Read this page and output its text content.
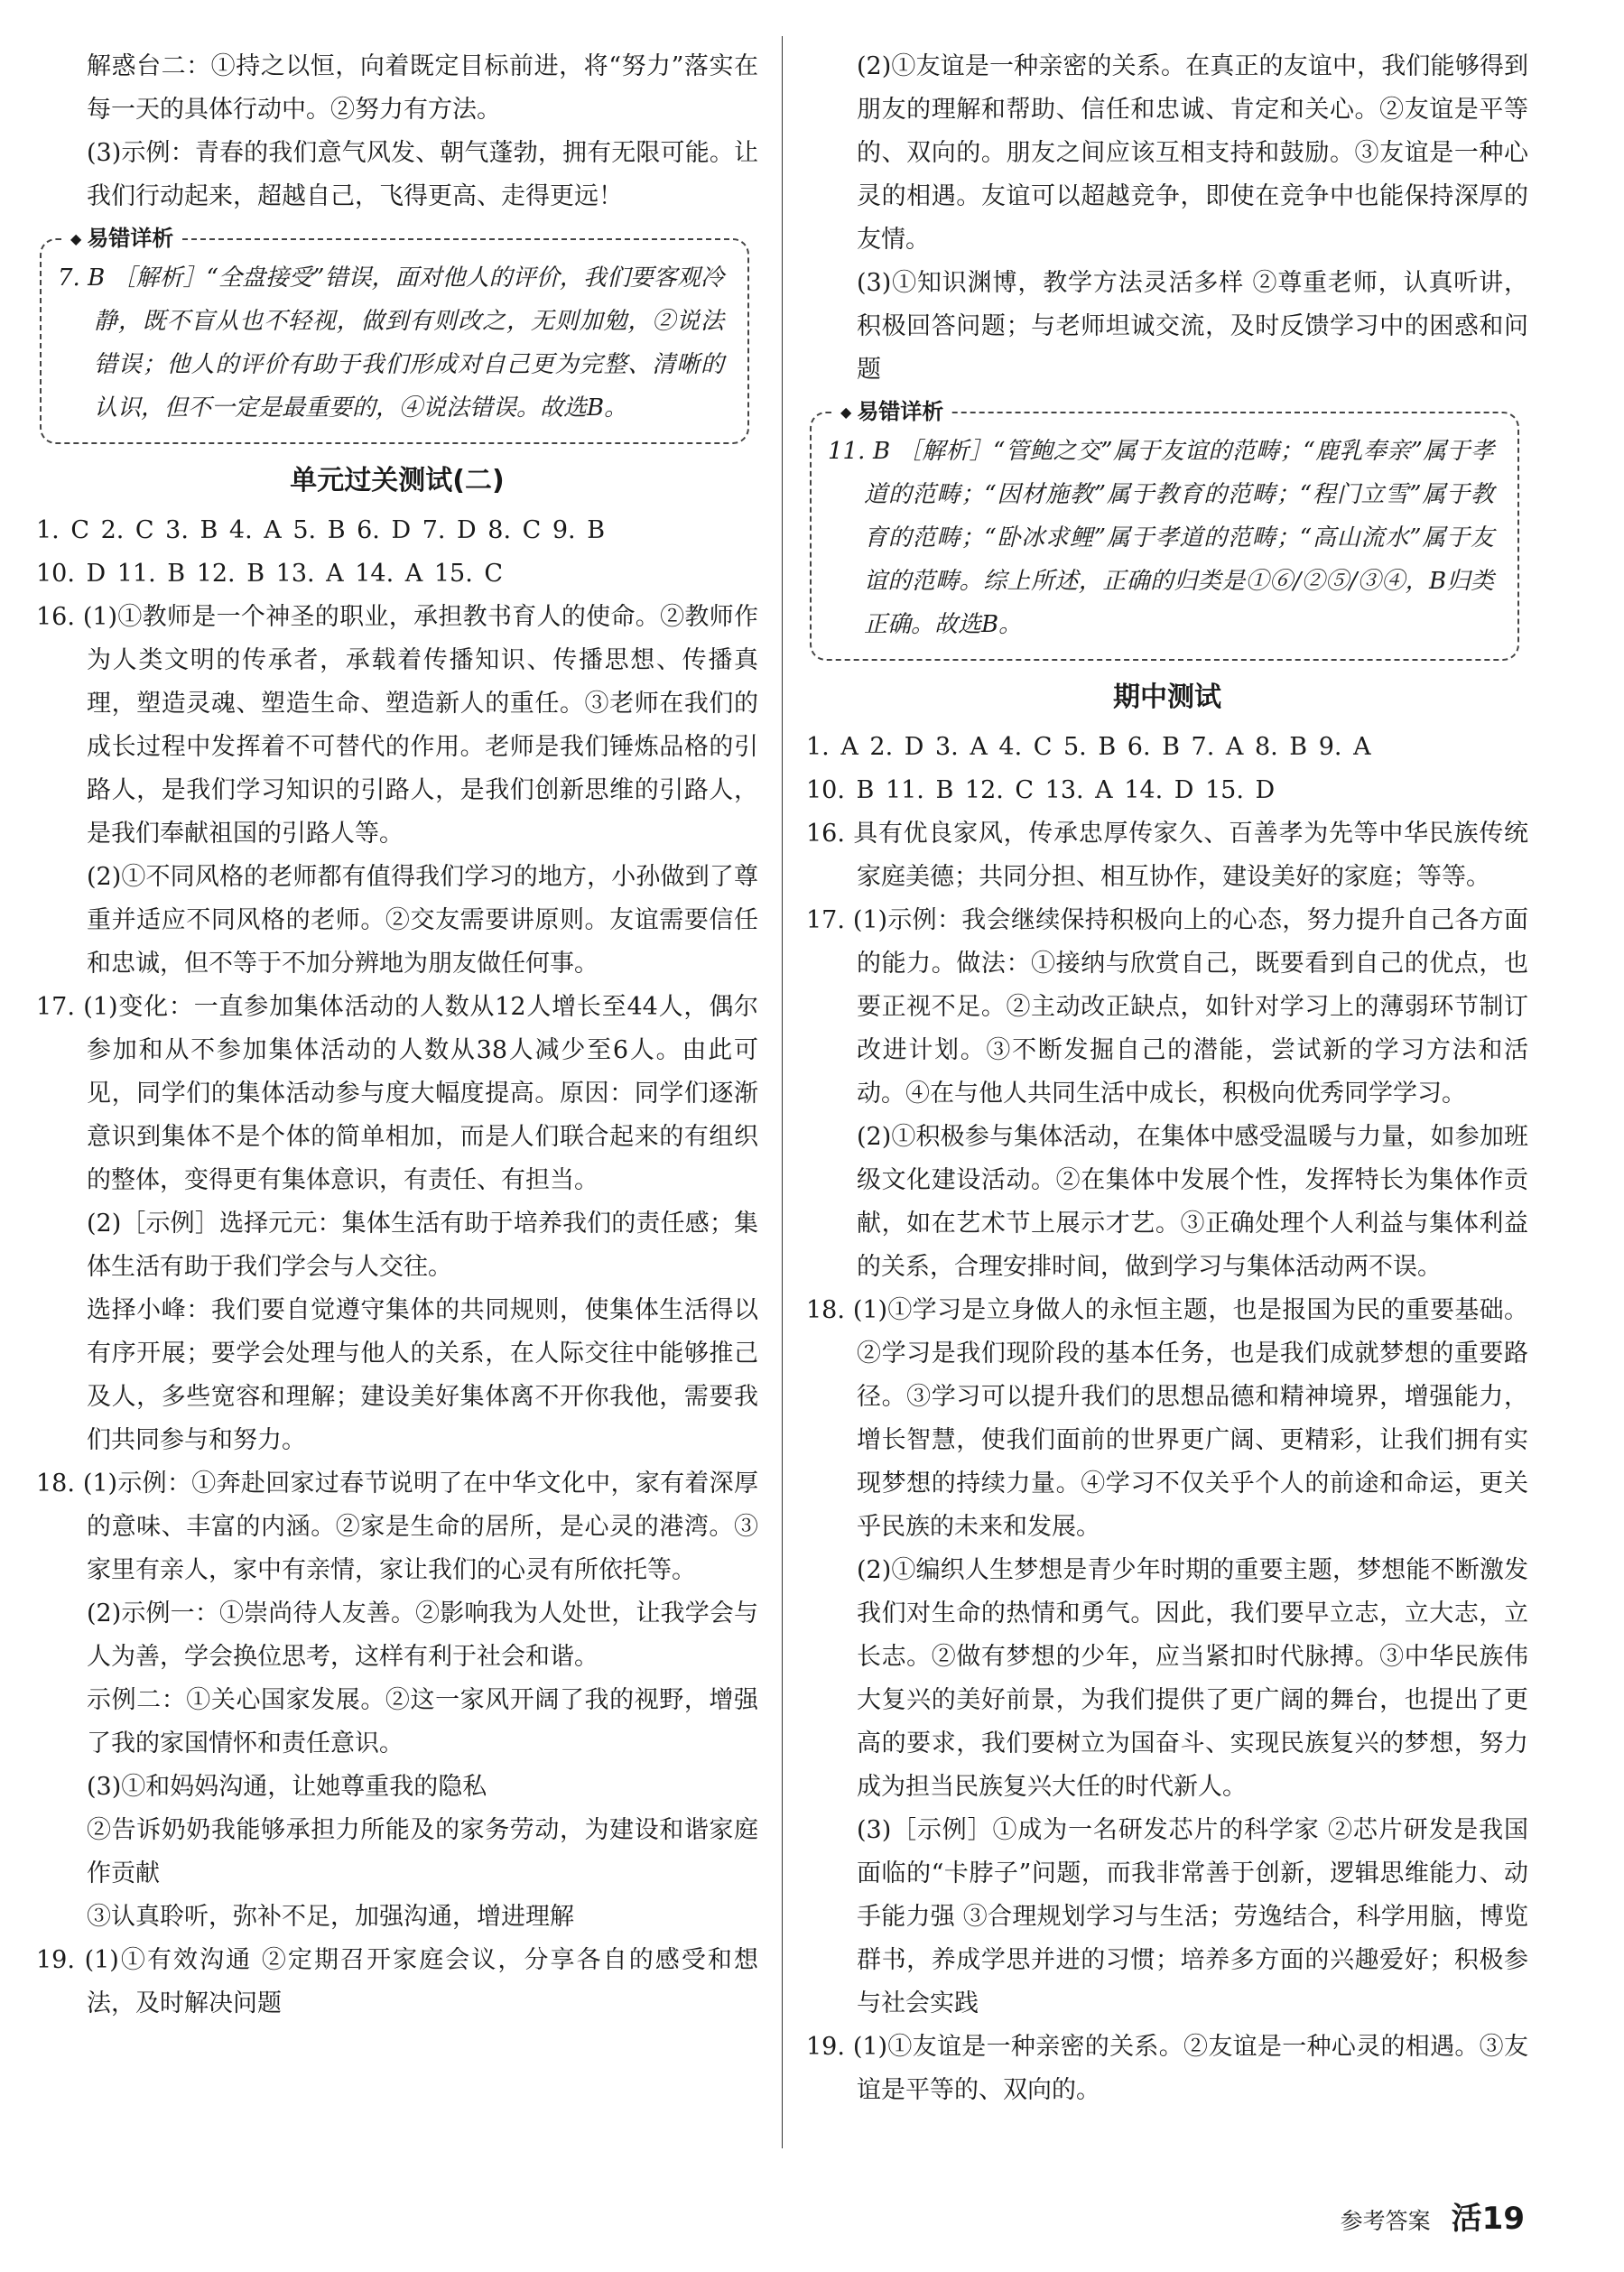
解惑台二：①持之以恒，向着既定目标前进，将“努力”落实在每一天的具体行动中。②努力有方法。

(3)示例：青春的我们意气风发、朝气蓬勃，拥有无限可能。让我们行动起来，超越自己，飞得更高、走得更远！

◆ 易错详析

7. B ［解析］“全盘接受”错误，面对他人的评价，我们要客观冷静，既不盲从也不轻视，做到有则改之，无则加勉，②说法错误；他人的评价有助于我们形成对自己更为完整、清晰的认识，但不一定是最重要的，④说法错误。故选B。

单元过关测试(二)

1. C 2. C 3. B 4. A 5. B 6. D 7. D 8. C 9. B

10. D 11. B 12. B 13. A 14. A 15. C

16. (1)①教师是一个神圣的职业，承担教书育人的使命。②教师作为人类文明的传承者，承载着传播知识、传播思想、传播真理，塑造灵魂、塑造生命、塑造新人的重任。③老师在我们的成长过程中发挥着不可替代的作用。老师是我们锤炼品格的引路人，是我们学习知识的引路人，是我们创新思维的引路人，是我们奉献祖国的引路人等。

(2)①不同风格的老师都有值得我们学习的地方，小孙做到了尊重并适应不同风格的老师。②交友需要讲原则。友谊需要信任和忠诚，但不等于不加分辨地为朋友做任何事。

17. (1)变化：一直参加集体活动的人数从12人增长至44人，偶尔参加和从不参加集体活动的人数从38人减少至6人。由此可见，同学们的集体活动参与度大幅度提高。原因：同学们逐渐意识到集体不是个体的简单相加，而是人们联合起来的有组织的整体，变得更有集体意识，有责任、有担当。

(2)［示例］选择元元：集体生活有助于培养我们的责任感；集体生活有助于我们学会与人交往。

选择小峰：我们要自觉遵守集体的共同规则，使集体生活得以有序开展；要学会处理与他人的关系，在人际交往中能够推己及人，多些宽容和理解；建设美好集体离不开你我他，需要我们共同参与和努力。

18. (1)示例：①奔赴回家过春节说明了在中华文化中，家有着深厚的意味、丰富的内涵。②家是生命的居所，是心灵的港湾。③家里有亲人，家中有亲情，家让我们的心灵有所依托等。

(2)示例一：①崇尚待人友善。②影响我为人处世，让我学会与人为善，学会换位思考，这样有利于社会和谐。

示例二：①关心国家发展。②这一家风开阔了我的视野，增强了我的家国情怀和责任意识。

(3)①和妈妈沟通，让她尊重我的隐私

②告诉奶奶我能够承担力所能及的家务劳动，为建设和谐家庭作贡献

③认真聆听，弥补不足，加强沟通，增进理解

19. (1)①有效沟通 ②定期召开家庭会议，分享各自的感受和想法，及时解决问题

(2)①友谊是一种亲密的关系。在真正的友谊中，我们能够得到朋友的理解和帮助、信任和忠诚、肯定和关心。②友谊是平等的、双向的。朋友之间应该互相支持和鼓励。③友谊是一种心灵的相遇。友谊可以超越竞争，即使在竞争中也能保持深厚的友情。

(3)①知识渊博，教学方法灵活多样 ②尊重老师，认真听讲，积极回答问题；与老师坦诚交流，及时反馈学习中的困惑和问题

◆ 易错详析

11. B ［解析］“管鲍之交”属于友谊的范畴；“鹿乳奉亲”属于孝道的范畴；“因材施教”属于教育的范畴；“程门立雪”属于教育的范畴；“卧冰求鲤”属于孝道的范畴；“高山流水”属于友谊的范畴。综上所述，正确的归类是①⑥/②⑤/③④，B归类正确。故选B。

期中测试

1. A 2. D 3. A 4. C 5. B 6. B 7. A 8. B 9. A

10. B 11. B 12. C 13. A 14. D 15. D

16. 具有优良家风，传承忠厚传家久、百善孝为先等中华民族传统家庭美德；共同分担、相互协作，建设美好的家庭；等等。

17. (1)示例：我会继续保持积极向上的心态，努力提升自己各方面的能力。做法：①接纳与欣赏自己，既要看到自己的优点，也要正视不足。②主动改正缺点，如针对学习上的薄弱环节制订改进计划。③不断发掘自己的潜能，尝试新的学习方法和活动。④在与他人共同生活中成长，积极向优秀同学学习。

(2)①积极参与集体活动，在集体中感受温暖与力量，如参加班级文化建设活动。②在集体中发展个性，发挥特长为集体作贡献，如在艺术节上展示才艺。③正确处理个人利益与集体利益的关系，合理安排时间，做到学习与集体活动两不误。

18. (1)①学习是立身做人的永恒主题，也是报国为民的重要基础。②学习是我们现阶段的基本任务，也是我们成就梦想的重要路径。③学习可以提升我们的思想品德和精神境界，增强能力，增长智慧，使我们面前的世界更广阔、更精彩，让我们拥有实现梦想的持续力量。④学习不仅关乎个人的前途和命运，更关乎民族的未来和发展。

(2)①编织人生梦想是青少年时期的重要主题，梦想能不断激发我们对生命的热情和勇气。因此，我们要早立志，立大志，立长志。②做有梦想的少年，应当紧扣时代脉搏。③中华民族伟大复兴的美好前景，为我们提供了更广阔的舞台，也提出了更高的要求，我们要树立为国奋斗、实现民族复兴的梦想，努力成为担当民族复兴大任的时代新人。

(3)［示例］①成为一名研发芯片的科学家 ②芯片研发是我国面临的“卡脖子”问题，而我非常善于创新，逻辑思维能力、动手能力强 ③合理规划学习与生活；劳逸结合，科学用脑，博览群书，养成学思并进的习惯；培养多方面的兴趣爱好；积极参与社会实践

19. (1)①友谊是一种亲密的关系。②友谊是一种心灵的相遇。③友谊是平等的、双向的。

参考答案 活19
